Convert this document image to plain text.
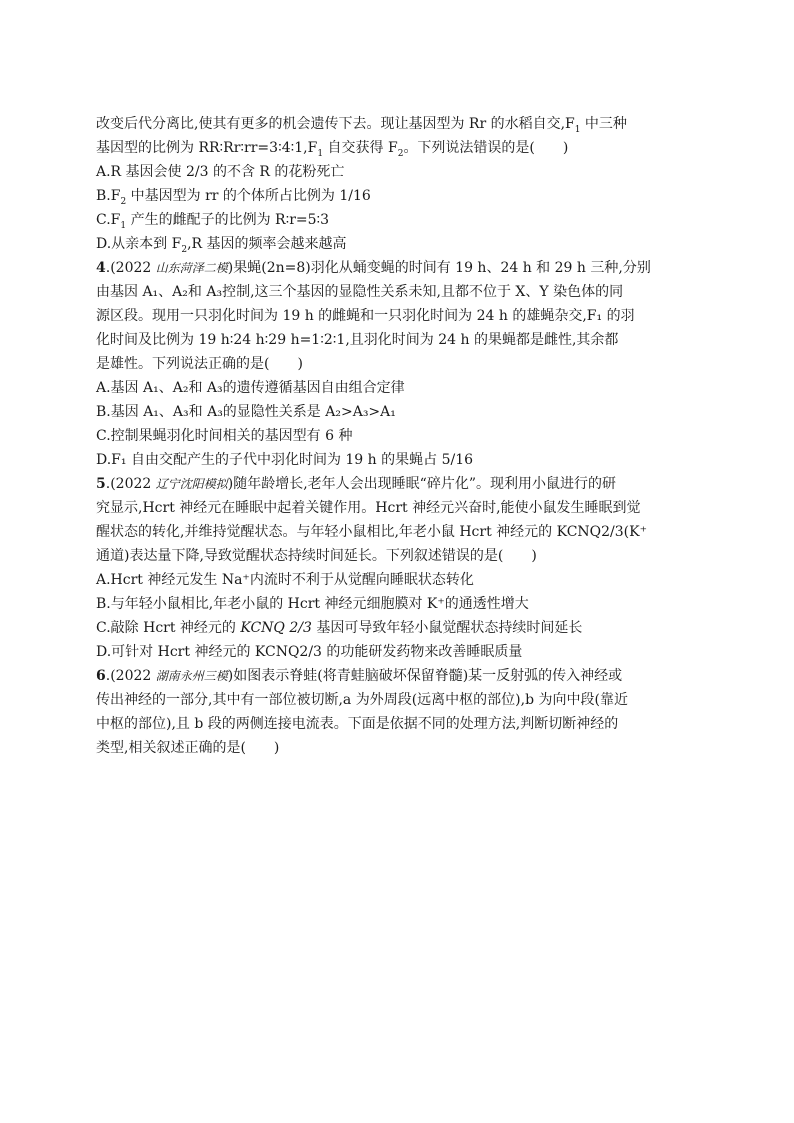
改变后代分离比,使其有更多的机会遗传下去。现让基因型为 Rr 的水稻自交$,F_1$ 中三种

基因型的比例为 $RR∶Rr∶rr=3∶4∶1,F_1$ 自交获得 $F_2$。下列说法错误的是(　　)

A.R 基因会使 2/3 的不含 R 的花粉死亡

$B.F_2$ 中基因型为 rr 的个体所占比例为 1/16

$C.F_1$ 产生的雌配子的比例为 R∶r=5∶3

D.从亲本到 $F_2,R$ 基因的频率会越来越高

4.(2022 山东菏泽二模)果蝇(2n=8)羽化从蛹变蝇的时间有 19 h、24 h 和 29 h 三种,分别

由基因 A₁、A₂和 A₃控制,这三个基因的显隐性关系未知,且都不位于 X、Y 染色体的同

源区段。现用一只羽化时间为 19 h 的雌蝇和一只羽化时间为 24 h 的雄蝇杂交,F₁ 的羽

化时间及比例为 19 h∶24 h∶29 h=1∶2∶1,且羽化时间为 24 h 的果蝇都是雌性,其余都

是雄性。下列说法正确的是(　　)

A.基因 A₁、A₂和 A₃的遗传遵循基因自由组合定律

B.基因 A₁、A₃和 A₃的显隐性关系是 A₂>A₃>A₁

C.控制果蝇羽化时间相关的基因型有 6 种

D.F₁ 自由交配产生的子代中羽化时间为 19 h 的果蝇占 5/16

5.(2022 辽宁沈阳模拟)随年龄增长,老年人会出现睡眠“碎片化”。现利用小鼠进行的研

究显示,Hcrt 神经元在睡眠中起着关键作用。Hcrt 神经元兴奋时,能使小鼠发生睡眠到觉

醒状态的转化,并维持觉醒状态。与年轻小鼠相比,年老小鼠 Hcrt 神经元的 KCNQ2/3(K⁺

通道)表达量下降,导致觉醒状态持续时间延长。下列叙述错误的是(　　)

A.Hcrt 神经元发生 Na⁺内流时不利于从觉醒向睡眠状态转化

B.与年轻小鼠相比,年老小鼠的 Hcrt 神经元细胞膜对 K⁺的通透性增大

C.敲除 Hcrt 神经元的 KCNQ 2/3 基因可导致年轻小鼠觉醒状态持续时间延长

D.可针对 Hcrt 神经元的 KCNQ2/3 的功能研发药物来改善睡眠质量

6.(2022 湖南永州三模)如图表示脊蛙(将青蛙脑破坏保留脊髓)某一反射弧的传入神经或

传出神经的一部分,其中有一部位被切断,a 为外周段(远离中枢的部位),b 为向中段(靠近

中枢的部位),且 b 段的两侧连接电流表。下面是依据不同的处理方法,判断切断神经的

类型,相关叙述正确的是(　　)
